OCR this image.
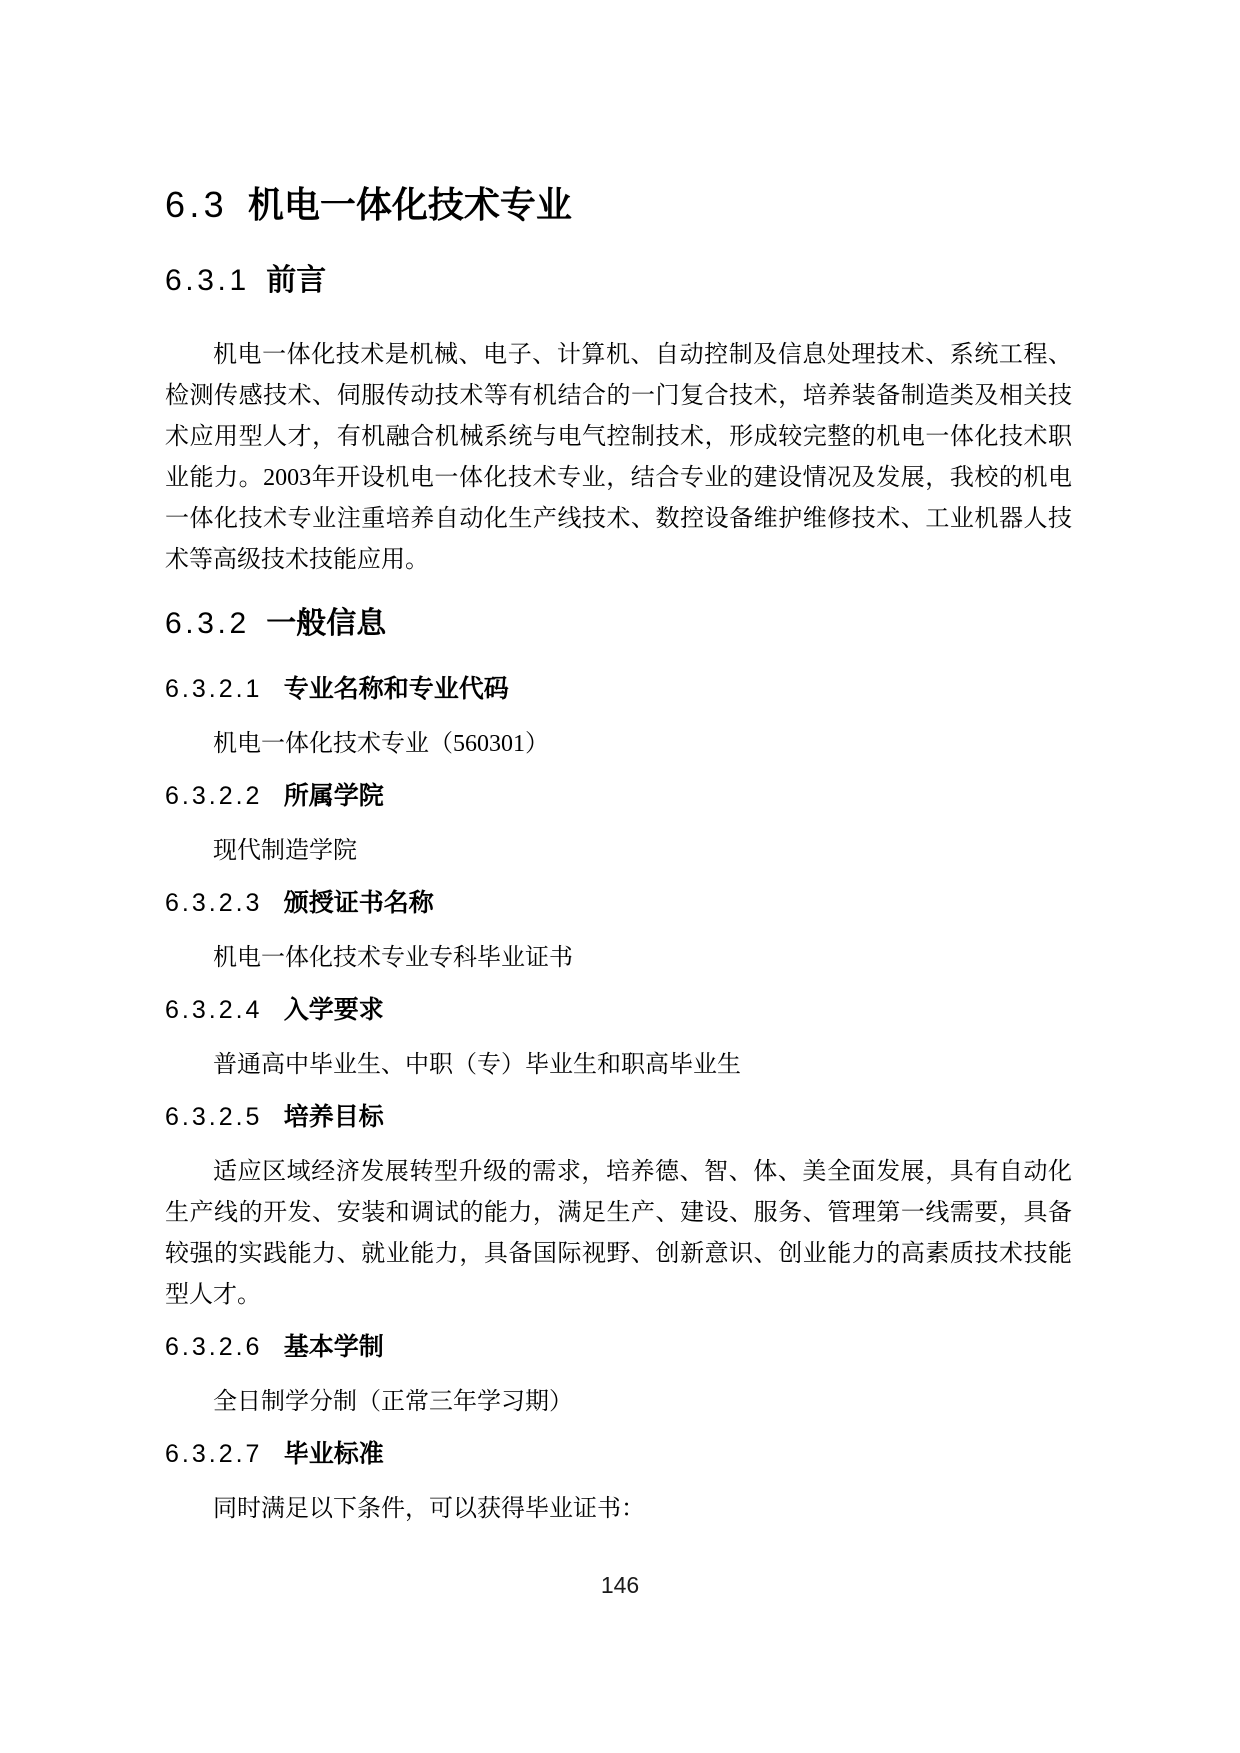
6.3 机电一体化技术专业
6.3.1 前言

机电一体化技术是机械、电子、计算机、自动控制及信息处理技术、系统工程、检测传感技术、伺服传动技术等有机结合的一门复合技术，培养装备制造类及相关技术应用型人才，有机融合机械系统与电气控制技术，形成较完整的机电一体化技术职业能力。2003年开设机电一体化技术专业，结合专业的建设情况及发展，我校的机电一体化技术专业注重培养自动化生产线技术、数控设备维护维修技术、工业机器人技术等高级技术技能应用。

6.3.2 一般信息
6.3.2.1 专业名称和专业代码

机电一体化技术专业（560301）

6.3.2.2 所属学院

现代制造学院

6.3.2.3 颁授证书名称

机电一体化技术专业专科毕业证书

6.3.2.4 入学要求

普通高中毕业生、中职（专）毕业生和职高毕业生

6.3.2.5 培养目标

适应区域经济发展转型升级的需求，培养德、智、体、美全面发展，具有自动化生产线的开发、安装和调试的能力，满足生产、建设、服务、管理第一线需要，具备较强的实践能力、就业能力，具备国际视野、创新意识、创业能力的高素质技术技能型人才。

6.3.2.6 基本学制

全日制学分制（正常三年学习期）

6.3.2.7 毕业标准

同时满足以下条件，可以获得毕业证书：

146
